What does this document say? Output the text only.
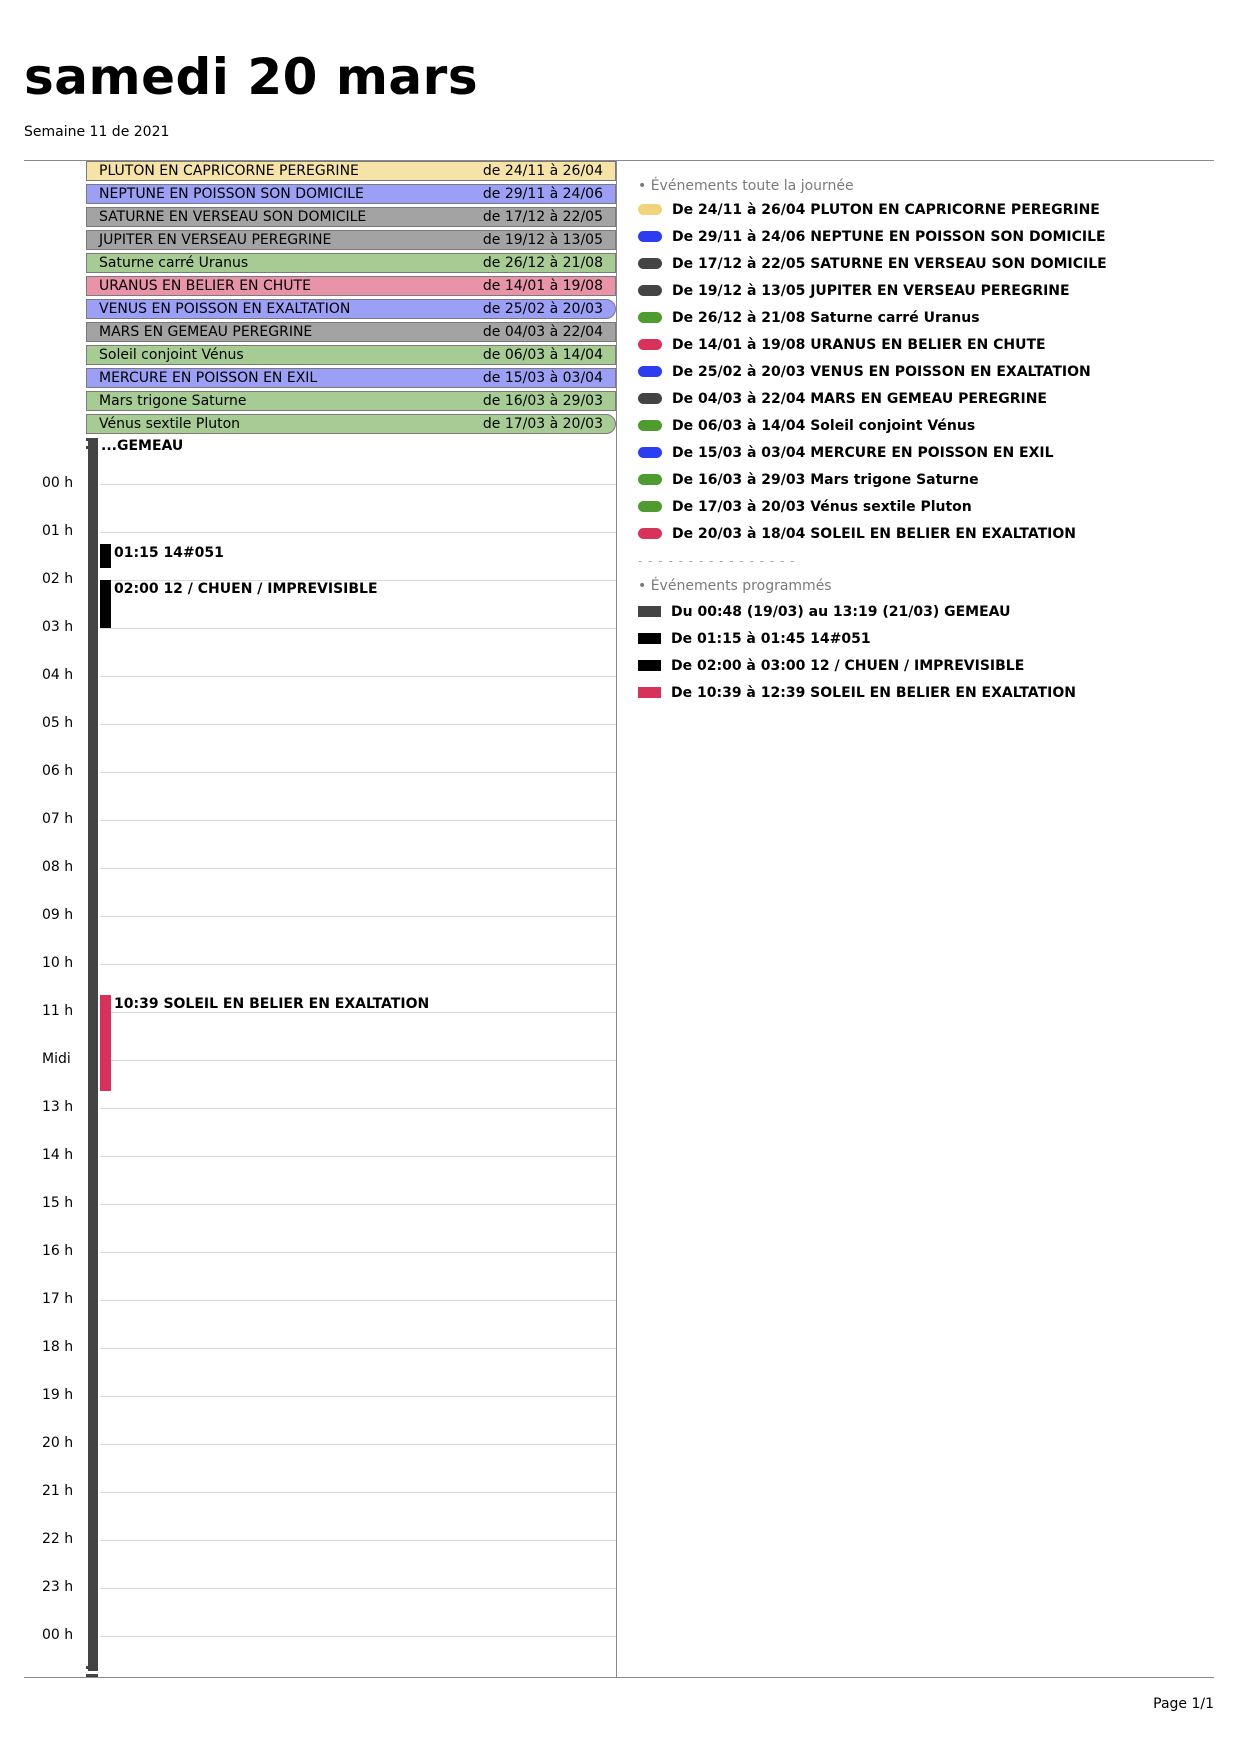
samedi 20 mars
Semaine 11 de 2021
PLUTON EN CAPRICORNE PEREGRINE	de 24/11 à 26/04
NEPTUNE EN POISSON SON DOMICILE	de 29/11 à 24/06
SATURNE EN VERSEAU SON DOMICILE	de 17/12 à 22/05
JUPITER EN VERSEAU PEREGRINE	de 19/12 à 13/05
Saturne carré Uranus	de 26/12 à 21/08
URANUS EN BELIER EN CHUTE	de 14/01 à 19/08
VENUS EN POISSON EN EXALTATION	de 25/02 à 20/03
MARS EN GEMEAU PEREGRINE	de 04/03 à 22/04
Soleil conjoint Vénus	de 06/03 à 14/04
MERCURE EN POISSON EN EXIL	de 15/03 à 03/04
Mars trigone Saturne	de 16/03 à 29/03
Vénus sextile Pluton	de 17/03 à 20/03
...GEMEAU
00 h
01 h
02 h
03 h
04 h
05 h
06 h
07 h
08 h
09 h
10 h
11 h
Midi
13 h
14 h
15 h
16 h
17 h
18 h
19 h
20 h
21 h
22 h
23 h
00 h
01:15 14#051
02:00 12 / CHUEN / IMPREVISIBLE
10:39 SOLEIL EN BELIER EN EXALTATION
• Événements toute la journée
De 24/11 à 26/04 PLUTON EN CAPRICORNE PEREGRINE
De 29/11 à 24/06 NEPTUNE EN POISSON SON DOMICILE
De 17/12 à 22/05 SATURNE EN VERSEAU SON DOMICILE
De 19/12 à 13/05 JUPITER EN VERSEAU PEREGRINE
De 26/12 à 21/08 Saturne carré Uranus
De 14/01 à 19/08 URANUS EN BELIER EN CHUTE
De 25/02 à 20/03 VENUS EN POISSON EN EXALTATION
De 04/03 à 22/04 MARS EN GEMEAU PEREGRINE
De 06/03 à 14/04 Soleil conjoint Vénus
De 15/03 à 03/04 MERCURE EN POISSON EN EXIL
De 16/03 à 29/03 Mars trigone Saturne
De 17/03 à 20/03 Vénus sextile Pluton
De 20/03 à 18/04 SOLEIL EN BELIER EN EXALTATION
- - - - - - - - - - - - - - - -
• Événements programmés
Du 00:48 (19/03) au 13:19 (21/03) GEMEAU
De 01:15 à 01:45 14#051
De 02:00 à 03:00 12 / CHUEN / IMPREVISIBLE
De 10:39 à 12:39 SOLEIL EN BELIER EN EXALTATION
Page 1/1
